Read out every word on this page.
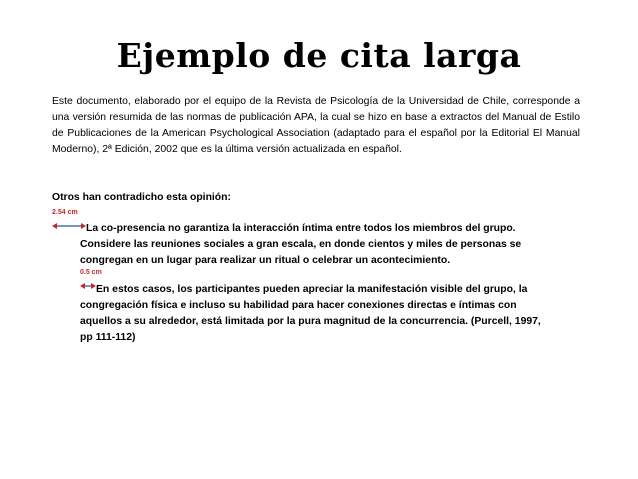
Ejemplo de cita larga
Este documento, elaborado por el equipo de la Revista de Psicología de la Universidad de Chile, corresponde a una versión resumida de las normas de publicación APA, la cual se hizo en base a extractos del Manual de Estilo de Publicaciones de la American Psychological Association (adaptado para el español por la Editorial El Manual Moderno), 2ª Edición, 2002 que es la última versión actualizada en español.
Otros han contradicho esta opinión:
2.54 cm
0.5 cm
La co-presencia no garantiza la interacción íntima entre todos los miembros del grupo.
Considere las reuniones sociales a gran escala, en donde cientos y miles de personas se congregan en un lugar para realizar un ritual o celebrar un acontecimiento.
En estos casos, los participantes pueden apreciar la manifestación visible del grupo, la
congregación física e incluso su habilidad para hacer conexiones directas e íntimas con aquellos a su alrededor, está limitada por la pura magnitud de la concurrencia. (Purcell, 1997, pp 111-112)
